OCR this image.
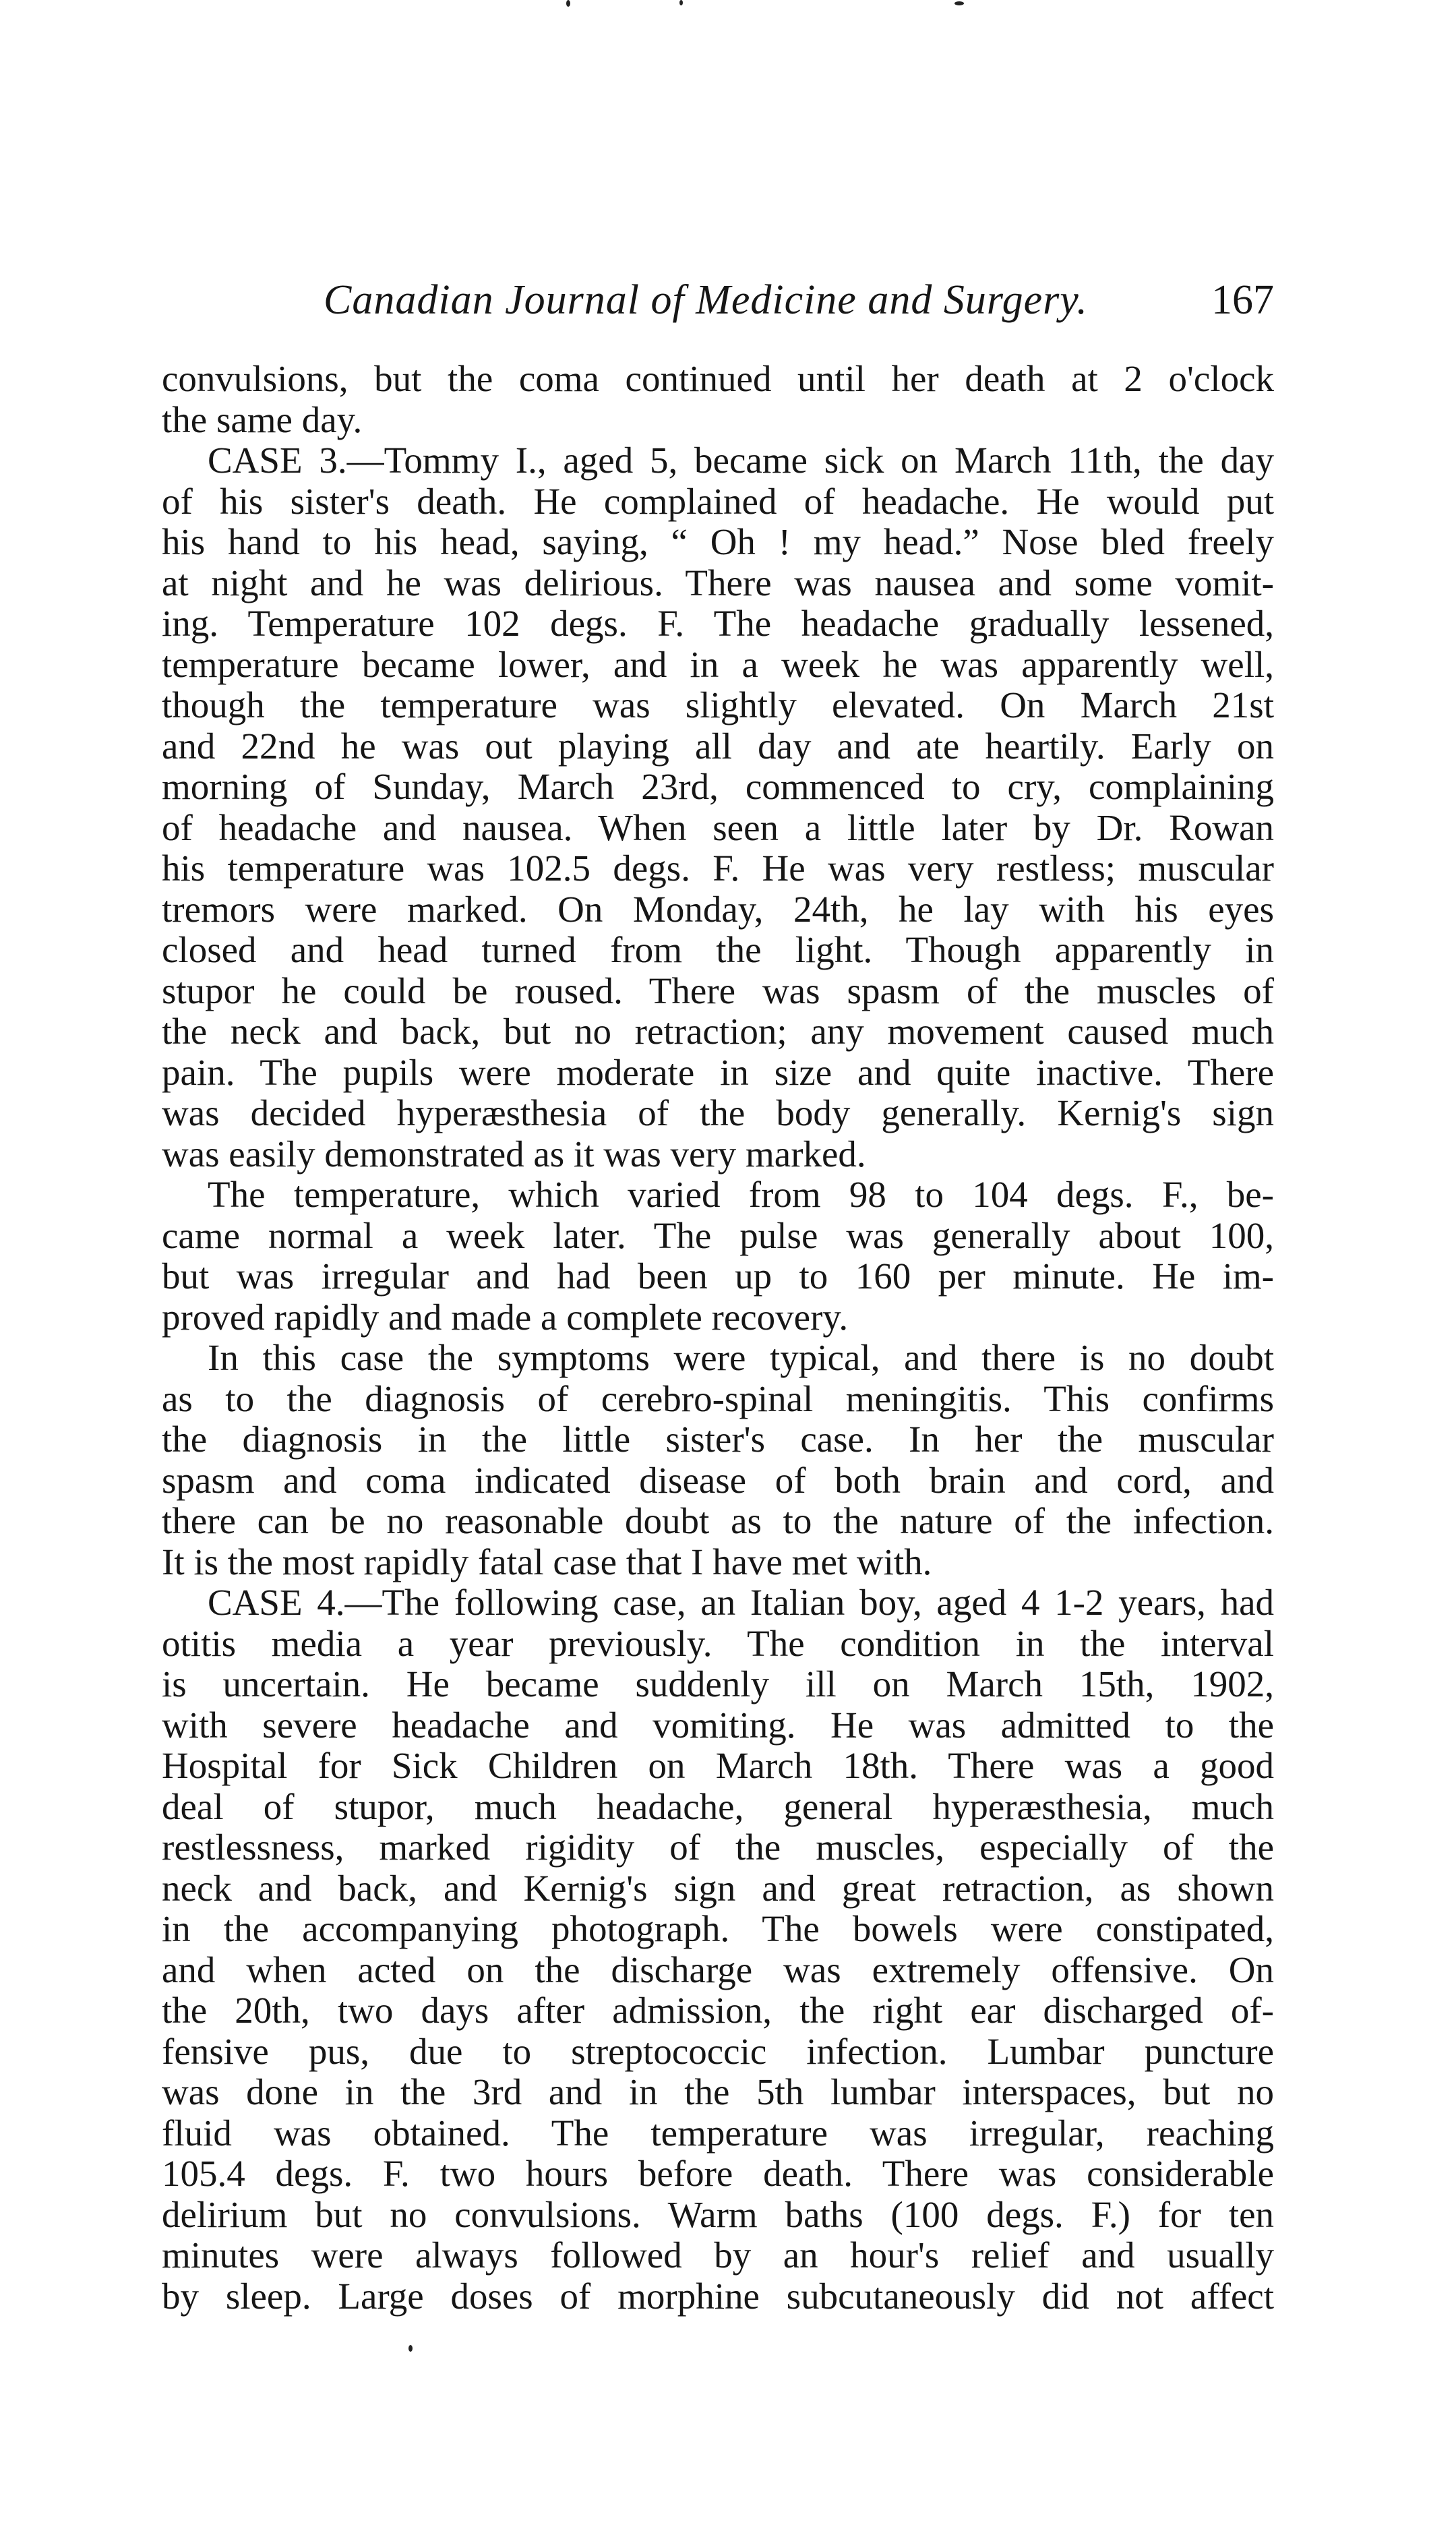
Canadian Journal of Medicine and Surgery.	167
convulsions, but the coma continued until her death at 2 o'clock
the same day.
CASE 3.—Tommy I., aged 5, became sick on March 11th, the day
of his sister's death. He complained of headache. He would put
his hand to his head, saying, “ Oh ! my head.” Nose bled freely
at night and he was delirious. There was nausea and some vomit-
ing. Temperature 102 degs. F. The headache gradually lessened,
temperature became lower, and in a week he was apparently well,
though the temperature was slightly elevated. On March 21st
and 22nd he was out playing all day and ate heartily. Early on
morning of Sunday, March 23rd, commenced to cry, complaining
of headache and nausea. When seen a little later by Dr. Rowan
his temperature was 102.5 degs. F. He was very restless; muscular
tremors were marked. On Monday, 24th, he lay with his eyes
closed and head turned from the light. Though apparently in
stupor he could be roused. There was spasm of the muscles of
the neck and back, but no retraction; any movement caused much
pain. The pupils were moderate in size and quite inactive. There
was decided hyperæsthesia of the body generally. Kernig's sign
was easily demonstrated as it was very marked.
The temperature, which varied from 98 to 104 degs. F., be-
came normal a week later. The pulse was generally about 100,
but was irregular and had been up to 160 per minute. He im-
proved rapidly and made a complete recovery.
In this case the symptoms were typical, and there is no doubt
as to the diagnosis of cerebro-spinal meningitis. This confirms
the diagnosis in the little sister's case. In her the muscular
spasm and coma indicated disease of both brain and cord, and
there can be no reasonable doubt as to the nature of the infection.
It is the most rapidly fatal case that I have met with.
CASE 4.—The following case, an Italian boy, aged 4 1-2 years, had
otitis media a year previously. The condition in the interval
is uncertain. He became suddenly ill on March 15th, 1902,
with severe headache and vomiting. He was admitted to the
Hospital for Sick Children on March 18th. There was a good
deal of stupor, much headache, general hyperæsthesia, much
restlessness, marked rigidity of the muscles, especially of the
neck and back, and Kernig's sign and great retraction, as shown
in the accompanying photograph. The bowels were constipated,
and when acted on the discharge was extremely offensive. On
the 20th, two days after admission, the right ear discharged of-
fensive pus, due to streptococcic infection. Lumbar puncture
was done in the 3rd and in the 5th lumbar interspaces, but no
fluid was obtained. The temperature was irregular, reaching
105.4 degs. F. two hours before death. There was considerable
delirium but no convulsions. Warm baths (100 degs. F.) for ten
minutes were always followed by an hour's relief and usually
by sleep. Large doses of morphine subcutaneously did not affect
